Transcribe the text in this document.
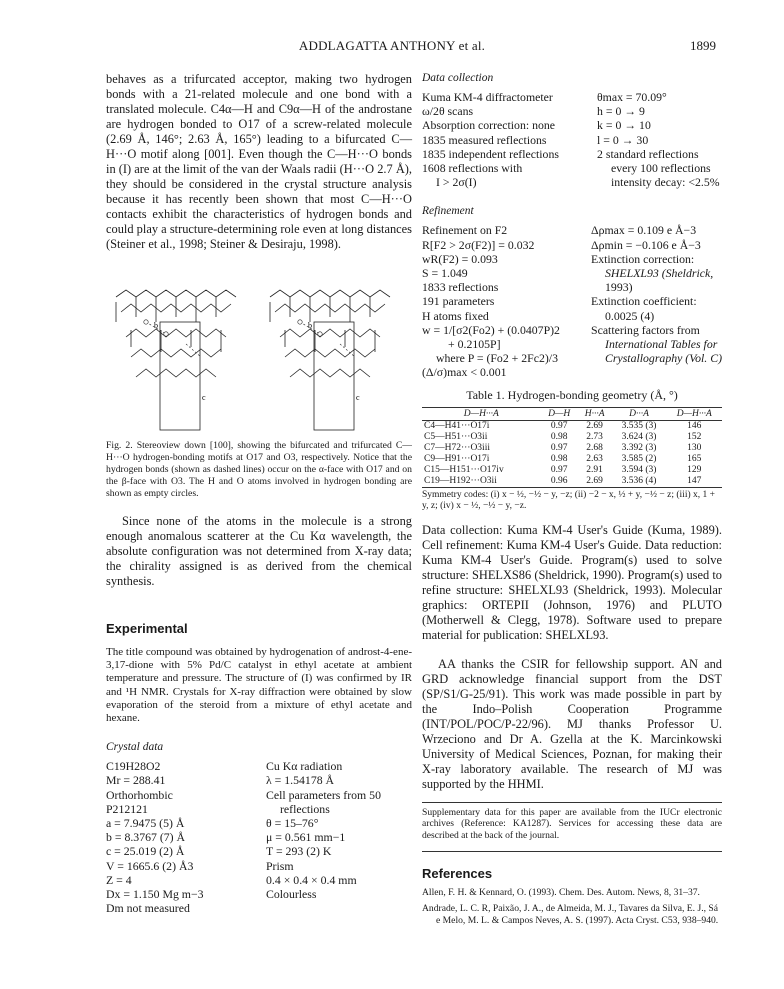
ADDLAGATTA ANTHONY et al.	1899

behaves as a trifurcated acceptor, making two hydrogen bonds with a 21-related molecule and one bond with a translated molecule. C4α—H and C9α—H of the androstane are hydrogen bonded to O17 of a screw-related molecule (2.69 Å, 146°; 2.63 Å, 165°) leading to a bifurcated C—H···O motif along [001]. Even though the C—H···O bonds in (I) are at the limit of the van der Waals radii (H···O 2.7 Å), they should be considered in the crystal structure analysis because it has recently been shown that most C—H···O contacts exhibit the characteristics of hydrogen bonds and could play a structure-determining role even at long distances (Steiner et al., 1998; Steiner & Desiraju, 1998).

b	b
c	c
Fig. 2. Stereoview down [100], showing the bifurcated and trifurcated C—H···O hydrogen-bonding motifs at O17 and O3, respectively. Notice that the hydrogen bonds (shown as dashed lines) occur on the α-face with O17 and on the β-face with O3. The H and O atoms involved in hydrogen bonding are shown as empty circles.

Since none of the atoms in the molecule is a strong enough anomalous scatterer at the Cu Kα wavelength, the absolute configuration was not determined from X-ray data; the chirality assigned is as derived from the chemical synthesis.

Experimental

The title compound was obtained by hydrogenation of androst-4-ene-3,17-dione with 5% Pd/C catalyst in ethyl acetate at ambient temperature and pressure. The structure of (I) was confirmed by IR and ¹H NMR. Crystals for X-ray diffraction were obtained by slow evaporation of the steroid from a mixture of ethyl acetate and hexane.

Crystal data
C19H28O2
Mr = 288.41
Orthorhombic
P212121
a = 7.9475 (5) Å
b = 8.3767 (7) Å
c = 25.019 (2) Å
V = 1665.6 (2) Å3
Z = 4
Dx = 1.150 Mg m−3
Dm not measured
Cu Kα radiation
λ = 1.54178 Å
Cell parameters from 50
reflections
θ = 15–76°
μ = 0.561 mm−1
T = 293 (2) K
Prism
0.4 × 0.4 × 0.4 mm
Colourless
Data collection
Kuma KM-4 diffractometer
ω/2θ scans
Absorption correction: none
1835 measured reflections
1835 independent reflections
1608 reflections with
I > 2σ(I)
θmax = 70.09°
h = 0 → 9
k = 0 → 10
l = 0 → 30
2 standard reflections
every 100 reflections
intensity decay: <2.5%
Refinement
Refinement on F2
R[F2 > 2σ(F2)] = 0.032
wR(F2) = 0.093
S = 1.049
1833 reflections
191 parameters
H atoms fixed
w = 1/[σ2(Fo2) + (0.0407P)2
+ 0.2105P]
where P = (Fo2 + 2Fc2)/3
(Δ/σ)max < 0.001
Δρmax = 0.109 e Å−3
Δρmin = −0.106 e Å−3
Extinction correction:
SHELXL93 (Sheldrick,
1993)
Extinction coefficient:
0.0025 (4)
Scattering factors from
International Tables for
Crystallography (Vol. C)
Table 1. Hydrogen-bonding geometry (Å, °)
D—H···A	D—H	H···A	D···A	D—H···A
C4—H41···O17i	0.97	2.69	3.535 (3)	146
C5—H51···O3ii	0.98	2.73	3.624 (3)	152
C7—H72···O3iii	0.97	2.68	3.392 (3)	130
C9—H91···O17i	0.98	2.63	3.585 (2)	165
C15—H151···O17iv	0.97	2.91	3.594 (3)	129
C19—H192···O3ii	0.96	2.69	3.536 (4)	147
Symmetry codes: (i) x − ½, −½ − y, −z; (ii) −2 − x, ½ + y, −½ − z; (iii) x, 1 + y, z; (iv) x − ½, −½ − y, −z.

Data collection: Kuma KM-4 User's Guide (Kuma, 1989). Cell refinement: Kuma KM-4 User's Guide. Data reduction: Kuma KM-4 User's Guide. Program(s) used to solve structure: SHELXS86 (Sheldrick, 1990). Program(s) used to refine structure: SHELXL93 (Sheldrick, 1993). Molecular graphics: ORTEPII (Johnson, 1976) and PLUTO (Motherwell & Clegg, 1978). Software used to prepare material for publication: SHELXL93.

AA thanks the CSIR for fellowship support. AN and GRD acknowledge financial support from the DST (SP/S1/G-25/91). This work was made possible in part by the Indo–Polish Cooperation Programme (INT/POL/POC/P-22/96). MJ thanks Professor U. Wrzeciono and Dr A. Gzella at the K. Marcinkowski University of Medical Sciences, Poznan, for making their X-ray laboratory available. The research of MJ was supported by the HHMI.

Supplementary data for this paper are available from the IUCr electronic archives (Reference: KA1287). Services for accessing these data are described at the back of the journal.
References

Allen, F. H. & Kennard, O. (1993). Chem. Des. Autom. News, 8, 31–37.

Andrade, L. C. R, Paixão, J. A., de Almeida, M. J., Tavares da Silva, E. J., Sá e Melo, M. L. & Campos Neves, A. S. (1997). Acta Cryst. C53, 938–940.
